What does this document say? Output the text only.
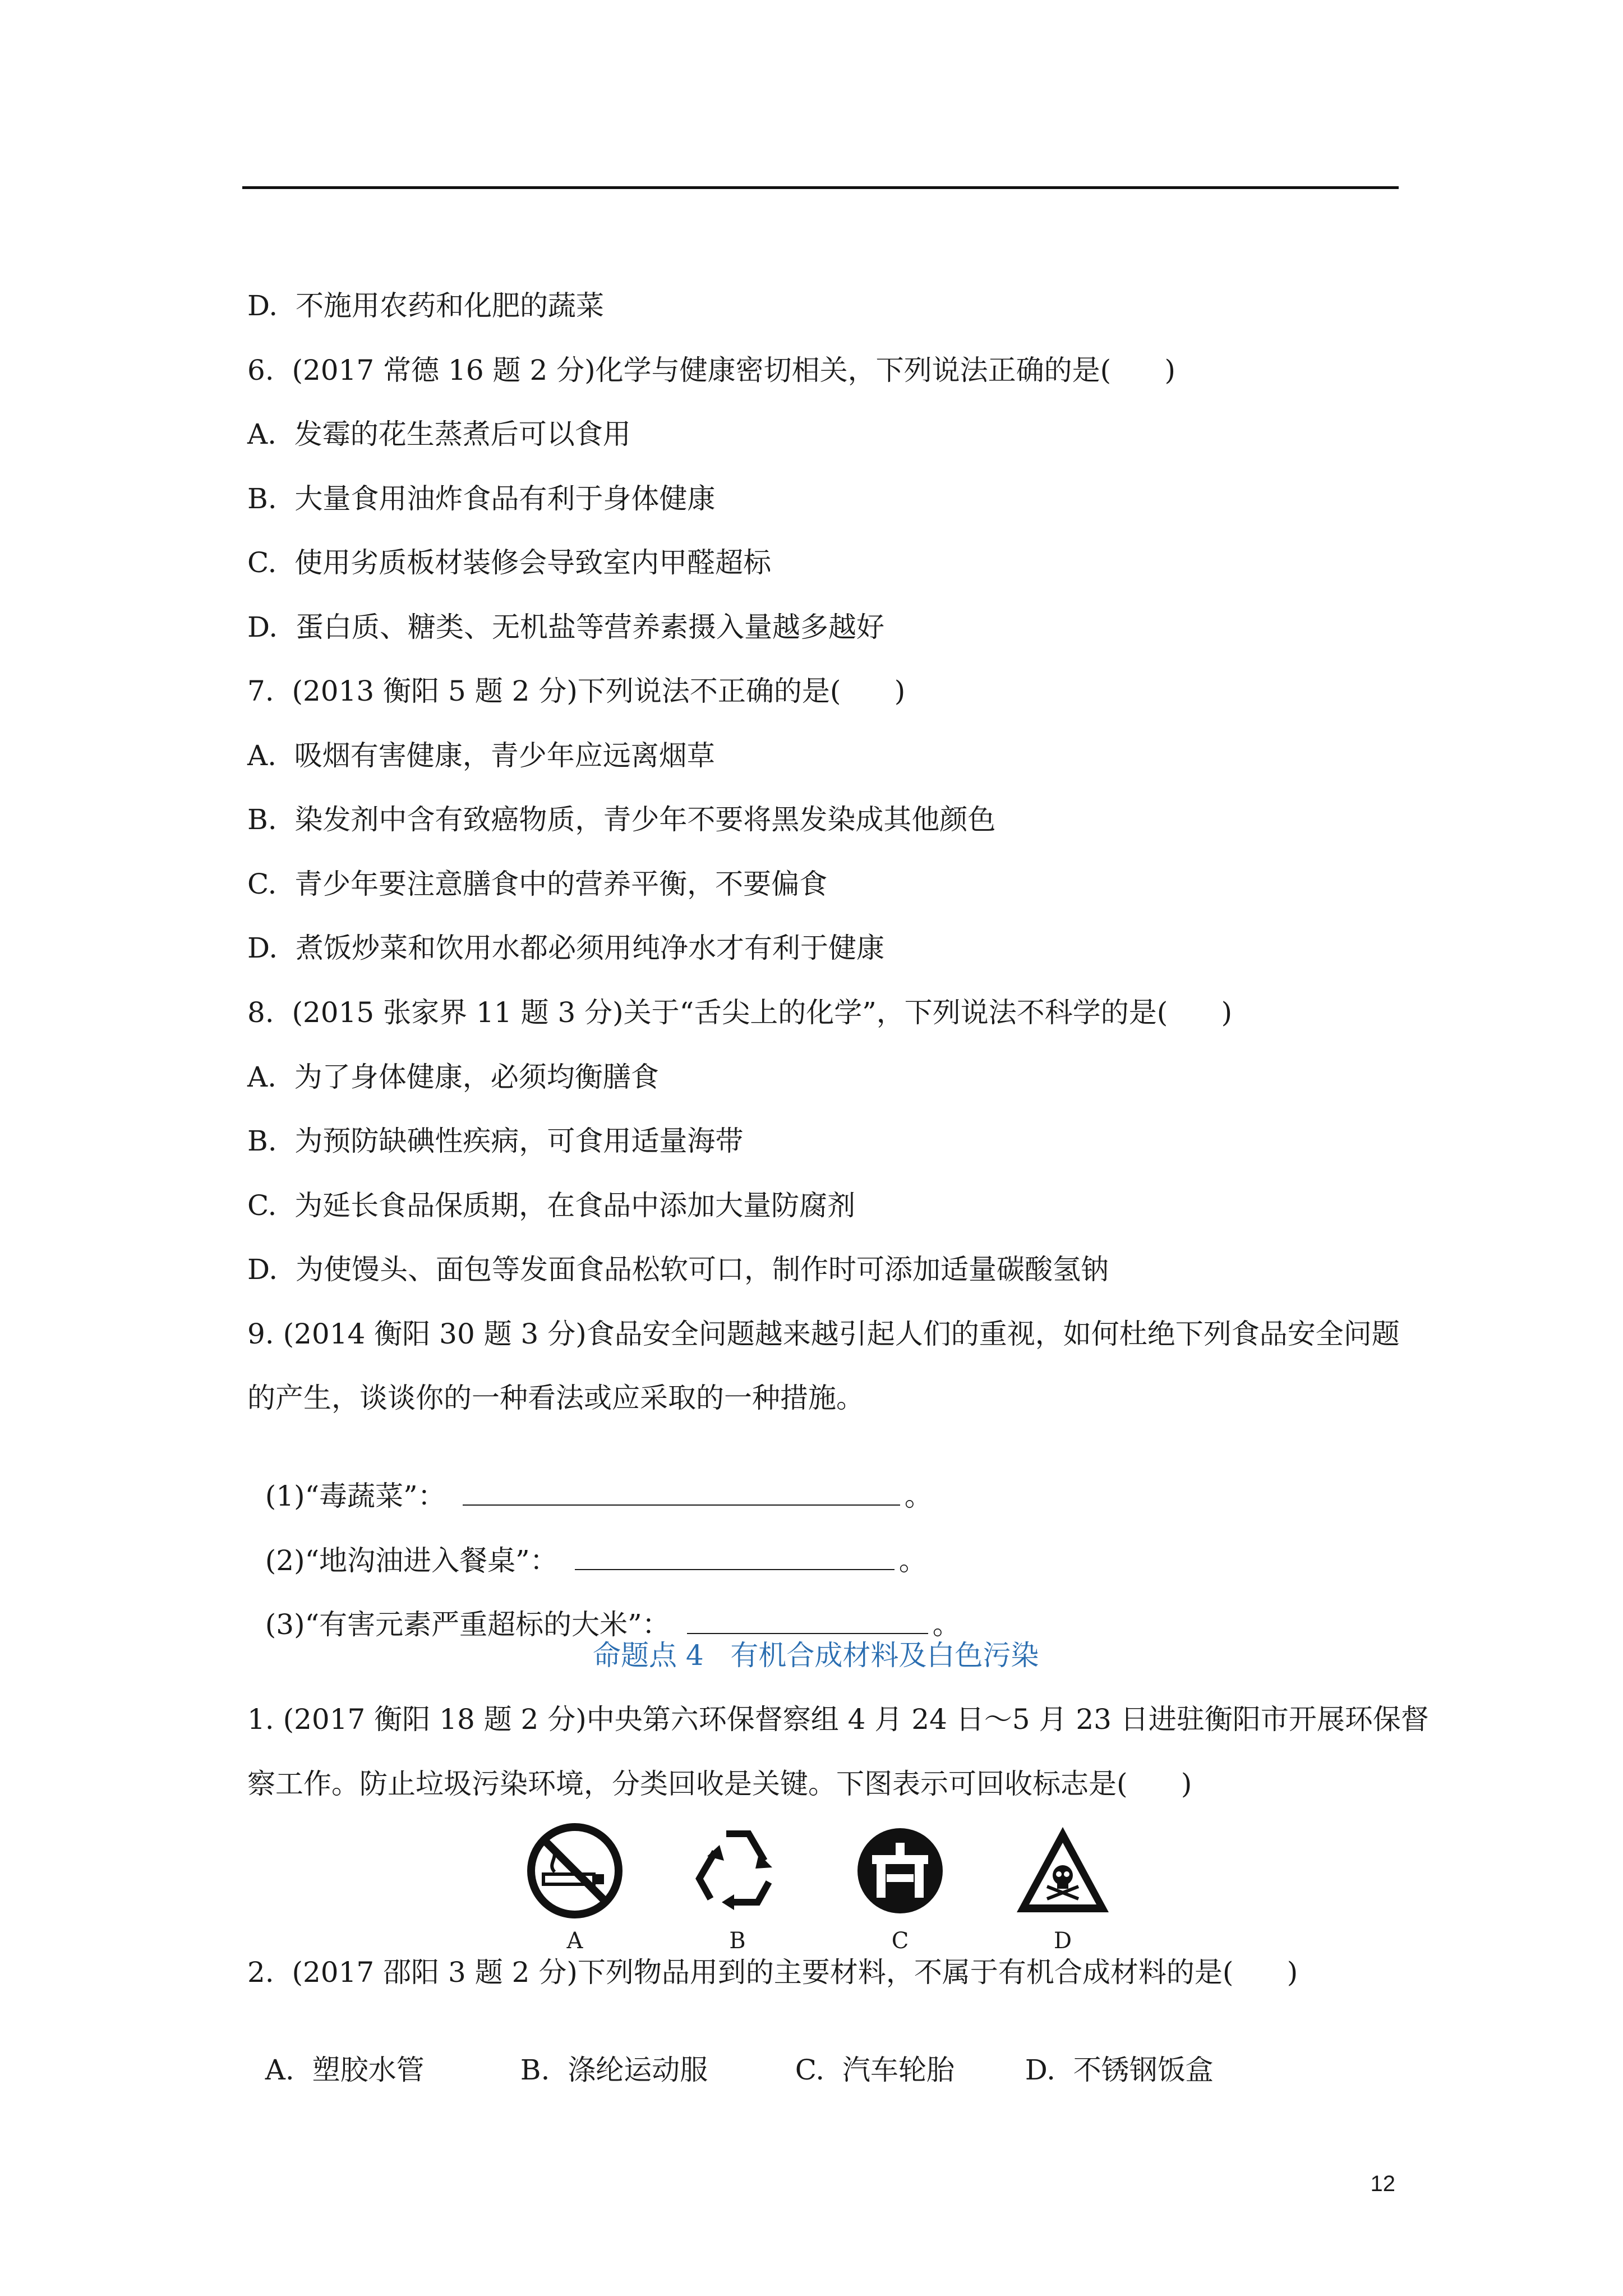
D.  不施用农药和化肥的蔬菜
6.  (2017 常德 16 题 2 分)化学与健康密切相关，下列说法正确的是(      )
A.  发霉的花生蒸煮后可以食用
B.  大量食用油炸食品有利于身体健康
C.  使用劣质板材装修会导致室内甲醛超标
D.  蛋白质、糖类、无机盐等营养素摄入量越多越好
7.  (2013 衡阳 5 题 2 分)下列说法不正确的是(      )
A.  吸烟有害健康，青少年应远离烟草
B.  染发剂中含有致癌物质，青少年不要将黑发染成其他颜色
C.  青少年要注意膳食中的营养平衡，不要偏食
D.  煮饭炒菜和饮用水都必须用纯净水才有利于健康
8.  (2015 张家界 11 题 3 分)关于“舌尖上的化学”，下列说法不科学的是(      )
A.  为了身体健康，必须均衡膳食
B.  为预防缺碘性疾病，可食用适量海带
C.  为延长食品保质期，在食品中添加大量防腐剂
D.  为使馒头、面包等发面食品松软可口，制作时可添加适量碳酸氢钠
9. (2014 衡阳 30 题 3 分)食品安全问题越来越引起人们的重视，如何杜绝下列食品安全问题
的产生，谈谈你的一种看法或应采取的一种措施。

(1)“毒蔬菜”：	。

(2)“地沟油进入餐桌”：	。

(3)“有害元素严重超标的大米”：	。

命题点 4   有机合成材料及白色污染
1. (2017 衡阳 18 题 2 分)中央第六环保督察组 4 月 24 日～5 月 23 日进驻衡阳市开展环保督
察工作。防止垃圾污染环境，分类回收是关键。下图表示可回收标志是(      )
A	B	C	D
2.  (2017 邵阳 3 题 2 分)下列物品用到的主要材料，不属于有机合成材料的是(      )

A.  塑胶水管	B.  涤纶运动服	C.  汽车轮胎	D.  不锈钢饭盒

12
